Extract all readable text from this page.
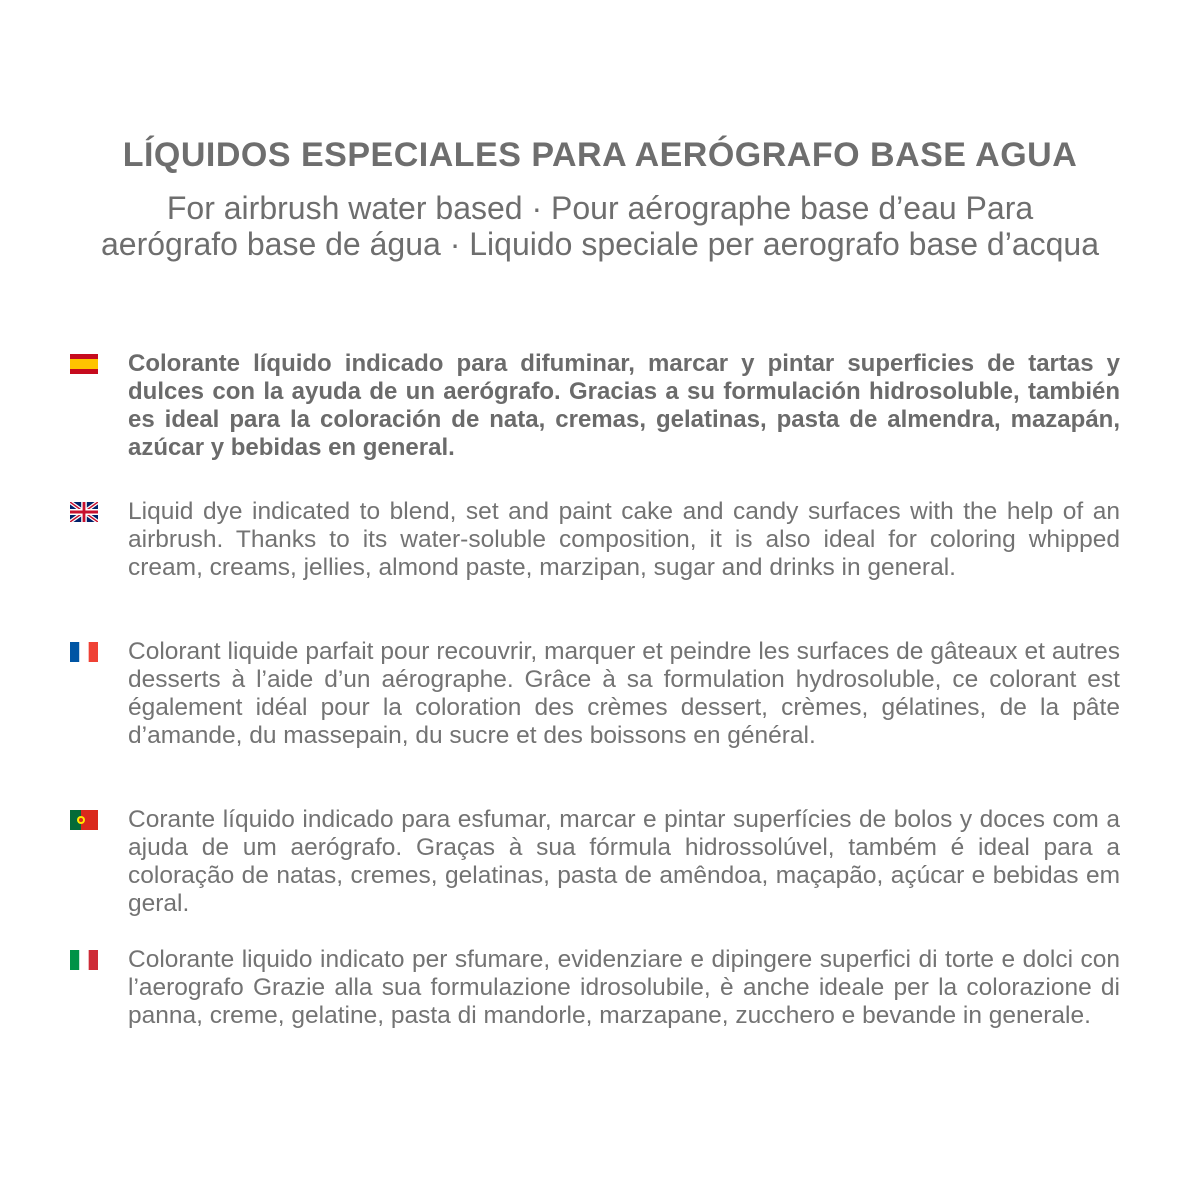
LÍQUIDOS ESPECIALES PARA AERÓGRAFO BASE AGUA

For airbrush water based · Pour aérographe base d’eau Para aerógrafo base de água · Liquido speciale per aerografo base d’acqua

Colorante líquido indicado para difuminar, marcar y pintar superficies de tartas y dulces con la ayuda de un aerógrafo. Gracias a su formulación hidrosoluble, también es ideal para la coloración de nata, cremas, gelatinas, pasta de almendra, mazapán, azúcar y bebidas en general.

Liquid dye indicated to blend, set and paint cake and candy surfaces with the help of an airbrush. Thanks to its water-soluble composition, it is also ideal for coloring whipped cream, creams, jellies, almond paste, marzipan, sugar and drinks in general.

Colorant liquide parfait pour recouvrir, marquer et peindre les surfaces de gâteaux et autres desserts à l’aide d’un aérographe. Grâce à sa formulation hydrosoluble, ce colorant est également idéal pour la coloration des crèmes dessert, crèmes, gélatines, de la pâte d’amande, du massepain, du sucre et des boissons en général.

Corante líquido indicado para esfumar, marcar e pintar superfícies de bolos y doces com a ajuda de um aerógrafo. Graças à sua fórmula hidrossolúvel, também é ideal para a coloração de natas, cremes, gelatinas, pasta de amêndoa, maçapão, açúcar e bebidas em geral.

Colorante liquido indicato per sfumare, evidenziare e dipingere superfici di torte e dolci con l’aerografo Grazie alla sua formulazione idrosolubile, è anche ideale per la colorazione di panna, creme, gelatine, pasta di mandorle, marzapane, zucchero e bevande in generale.
